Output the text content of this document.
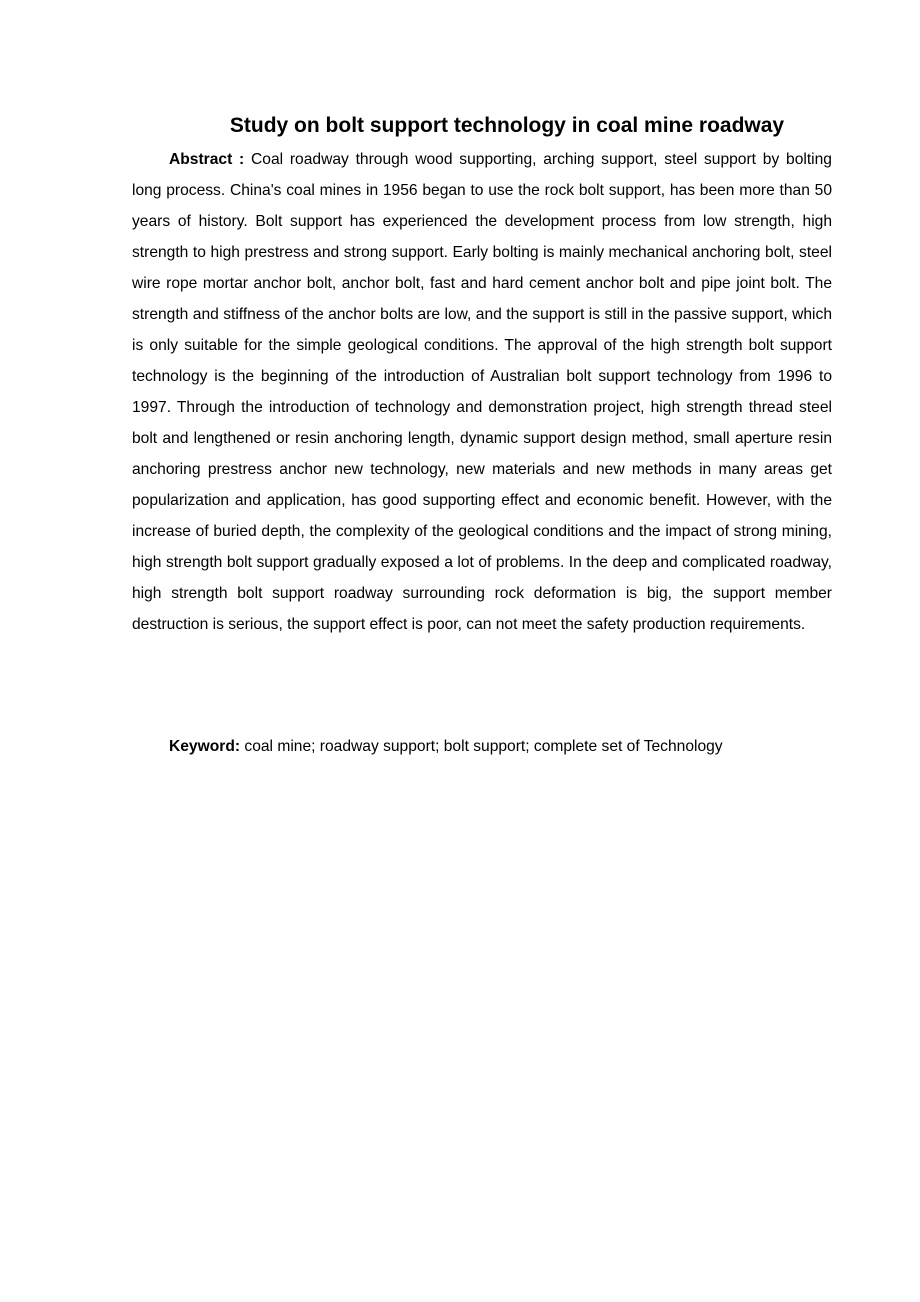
Study on bolt support technology in coal mine roadway

Abstract : Coal roadway through wood supporting, arching support, steel support by bolting long process. China's coal mines in 1956 began to use the rock bolt support, has been more than 50 years of history. Bolt support has experienced the development process from low strength, high strength to high prestress and strong support. Early bolting is mainly mechanical anchoring bolt, steel wire rope mortar anchor bolt, anchor bolt, fast and hard cement anchor bolt and pipe joint bolt. The strength and stiffness of the anchor bolts are low, and the support is still in the passive support, which is only suitable for the simple geological conditions. The approval of the high strength bolt support technology is the beginning of the introduction of Australian bolt support technology from 1996 to 1997. Through the introduction of technology and demonstration project, high strength thread steel bolt and lengthened or resin anchoring length, dynamic support design method, small aperture resin anchoring prestress anchor new technology, new materials and new methods in many areas get popularization and application, has good supporting effect and economic benefit. However, with the increase of buried depth, the complexity of the geological conditions and the impact of strong mining, high strength bolt support gradually exposed a lot of problems. In the deep and complicated roadway, high strength bolt support roadway surrounding rock deformation is big, the support member destruction is serious, the support effect is poor, can not meet the safety production requirements.

Keyword: coal mine; roadway support; bolt support; complete set of Technology
